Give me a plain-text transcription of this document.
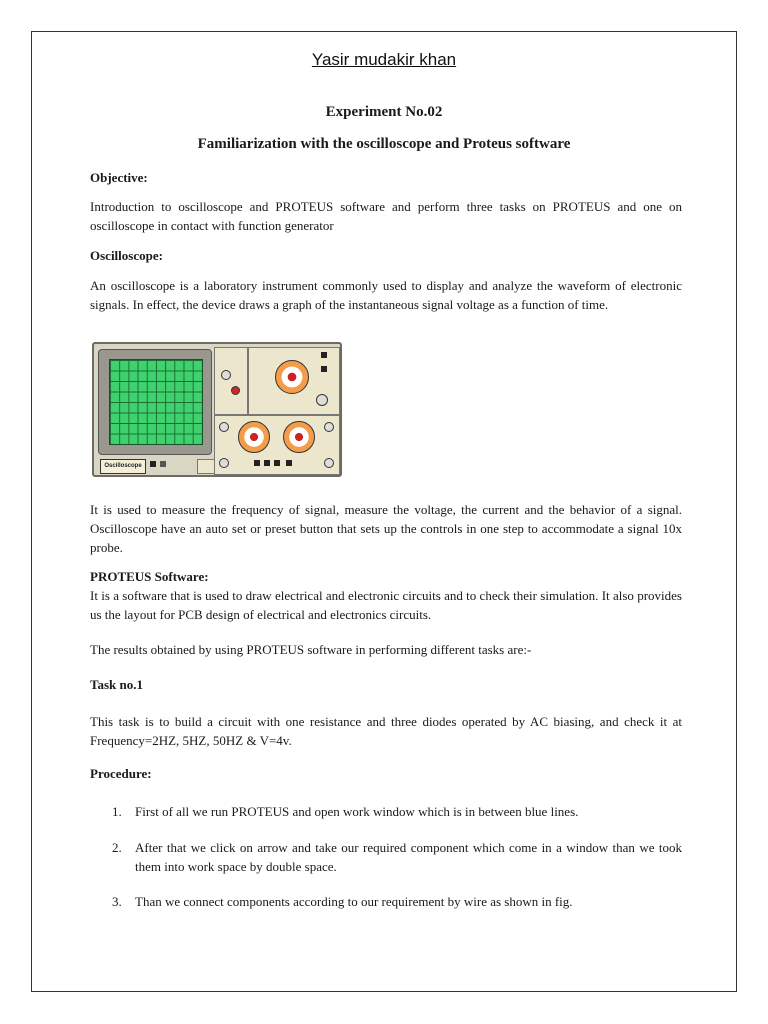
Yasir mudakir khan
Experiment No.02
Familiarization with the oscilloscope and Proteus software
Objective:

Introduction to oscilloscope and PROTEUS software and perform three tasks on PROTEUS and one on oscilloscope in contact with function generator

Oscilloscope:

An oscilloscope is a laboratory instrument commonly used to display and analyze the waveform of electronic signals. In effect, the device draws a graph of the instantaneous signal voltage as a function of time.

Oscilloscope

It is used to measure the frequency of signal, measure the voltage, the current and the behavior of a signal. Oscilloscope have an auto set or preset button that sets up the controls in one step to accommodate a signal 10x probe.

PROTEUS Software:

It is a software that is used to draw electrical and electronic circuits and to check their simulation. It also provides us the layout for PCB design of electrical and electronics circuits.

The results obtained by using PROTEUS software in performing different tasks are:-

Task no.1

This task is to build a circuit with one resistance and three diodes operated by AC biasing, and check it at Frequency=2HZ, 5HZ, 50HZ & V=4v.

Procedure:
1.	First of all we run PROTEUS and open work window which is in between blue lines.
2.	After that we click on arrow and take our required component which come in a window than we took them into work space by double space.
3.	Than we connect components according to our requirement by wire as shown in fig.
